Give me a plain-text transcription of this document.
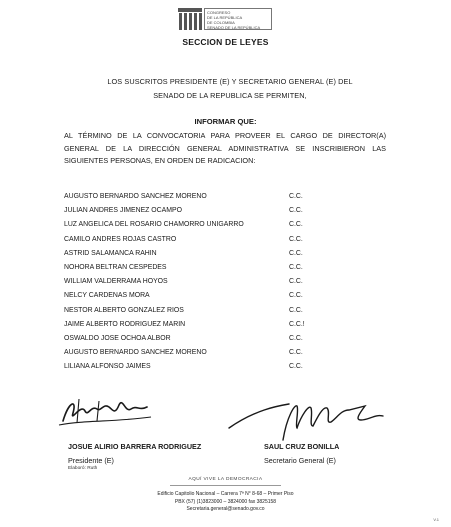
CONGRESO
DE LA REPÚBLICA
DE COLOMBIA
SENADO DE LA REPÚBLICA
SECCION DE LEYES
LOS SUSCRITOS PRESIDENTE (E) Y SECRETARIO GENERAL (E) DEL
SENADO DE LA REPUBLICA SE PERMITEN,
INFORMAR QUE:
AL TÉRMINO DE LA CONVOCATORIA PARA PROVEER EL CARGO DE DIRECTOR(A) GENERAL DE LA DIRECCIÓN GENERAL ADMINISTRATIVA SE INSCRIBIERON LAS SIGUIENTES PERSONAS, EN ORDEN DE RADICACION:
AUGUSTO BERNARDO SANCHEZ MORENO	C.C.
JULIAN ANDRES JIMENEZ OCAMPO	C.C.
LUZ ANGELICA DEL ROSARIO CHAMORRO UNIGARRO	C.C.
CAMILO ANDRES ROJAS CASTRO	C.C.
ASTRID SALAMANCA RAHIN	C.C.
NOHORA BELTRAN CESPEDES	C.C.
WILLIAM VALDERRAMA HOYOS	C.C.
NELCY CARDENAS MORA	C.C.
NESTOR ALBERTO GONZALEZ RIOS	C.C.
JAIME ALBERTO RODRIGUEZ MARIN	C.C.!
OSWALDO JOSE OCHOA ALBOR	C.C.
AUGUSTO BERNARDO SANCHEZ MORENO	C.C.
LILIANA ALFONSO JAIMES	C.C.
JOSUE ALIRIO BARRERA RODRIGUEZ
Presidente (E)
Elaboró: Ruth
SAUL CRUZ BONILLA
Secretario General (E)
AQUÍ VIVE LA DEMOCRACIA
Edificio Capitolio Nacional – Carrera 7ª N° 8-68 – Primer Piso
PBX (57) (1)3823000 – 3824000 fax 3825158
Secretaria.general@senado.gov.co
V.1
